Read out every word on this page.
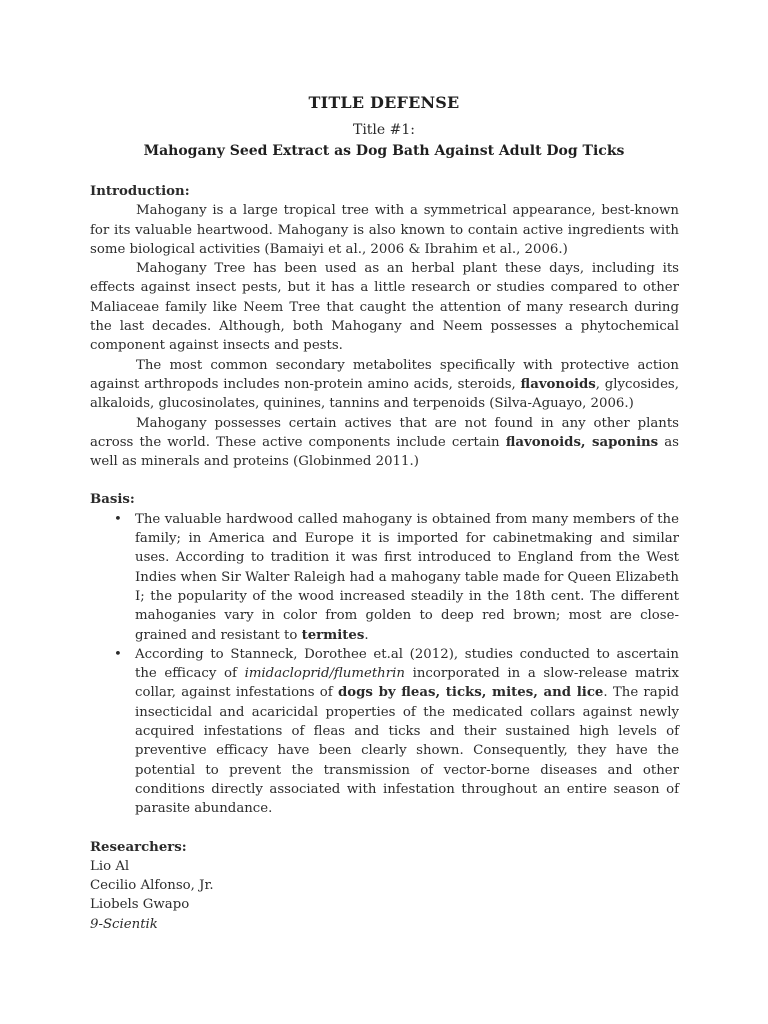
TITLE DEFENSE
Title #1:
Mahogany Seed Extract as Dog Bath Against Adult Dog Ticks

Introduction:

Mahogany is a large tropical tree with a symmetrical appearance, best-known for its valuable heartwood. Mahogany is also known to contain active ingredients with some biological activities (Bamaiyi et al., 2006 & Ibrahim et al., 2006.)

Mahogany Tree has been used as an herbal plant these days, including its effects against insect pests, but it has a little research or studies compared to other Maliaceae family like Neem Tree that caught the attention of many research during the last decades. Although, both Mahogany and Neem possesses a phytochemical component against insects and pests.

The most common secondary metabolites specifically with protective action against arthropods includes non-protein amino acids, steroids, flavonoids, glycosides, alkaloids, glucosinolates, quinines, tannins and terpenoids (Silva-Aguayo, 2006.)

Mahogany possesses certain actives that are not found in any other plants across the world. These active components include certain flavonoids, saponins as well as minerals and proteins (Globinmed 2011.)

Basis:

• The valuable hardwood called mahogany is obtained from many members of the family; in America and Europe it is imported for cabinetmaking and similar uses. According to tradition it was first introduced to England from the West Indies when Sir Walter Raleigh had a mahogany table made for Queen Elizabeth I; the popularity of the wood increased steadily in the 18th cent. The different mahoganies vary in color from golden to deep red brown; most are close-grained and resistant to termites.
• According to Stanneck, Dorothee et.al (2012), studies conducted to ascertain the efficacy of imidacloprid/flumethrin incorporated in a slow-release matrix collar, against infestations of dogs by fleas, ticks, mites, and lice. The rapid insecticidal and acaricidal properties of the medicated collars against newly acquired infestations of fleas and ticks and their sustained high levels of preventive efficacy have been clearly shown. Consequently, they have the potential to prevent the transmission of vector-borne diseases and other conditions directly associated with infestation throughout an entire season of parasite abundance.

Researchers:

Lio Al

Cecilio Alfonso, Jr.

Liobels Gwapo

9-Scientik
